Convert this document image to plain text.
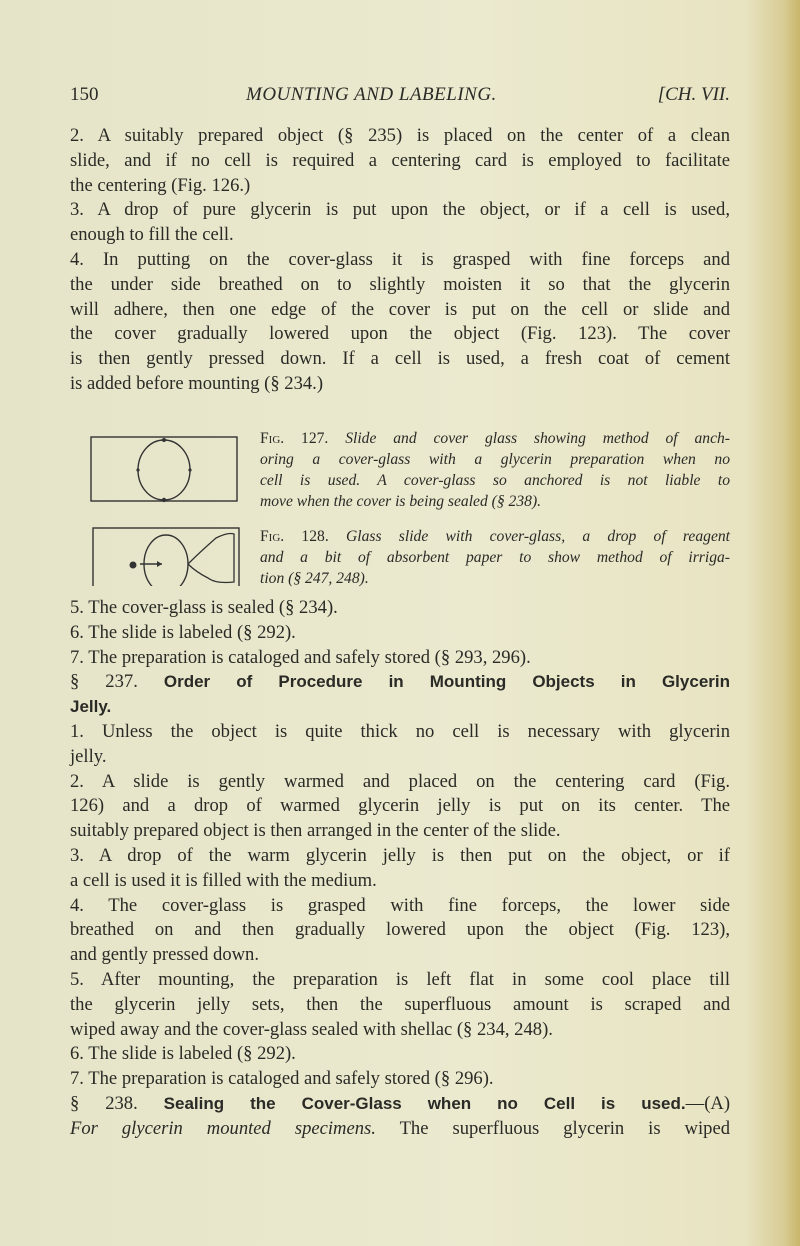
150	MOUNTING AND LABELING.	[CH. VII.
2. A suitably prepared object (§ 235) is placed on the center of a clean
slide, and if no cell is required a centering card is employed to facilitate
the centering (Fig. 126.)
3. A drop of pure glycerin is put upon the object, or if a cell is used,
enough to fill the cell.
4. In putting on the cover-glass it is grasped with fine forceps and
the under side breathed on to slightly moisten it so that the glycerin
will adhere, then one edge of the cover is put on the cell or slide and
the cover gradually lowered upon the object (Fig. 123). The cover
is then gently pressed down. If a cell is used, a fresh coat of cement
is added before mounting (§ 234.)
Fig. 127. Slide and cover glass showing method of anch-
oring a cover-glass with a glycerin preparation when no
cell is used. A cover-glass so anchored is not liable to
move when the cover is being sealed (§ 238).
Fig. 128. Glass slide with cover-glass, a drop of reagent
and a bit of absorbent paper to show method of irriga-
tion (§ 247, 248).
5. The cover-glass is sealed (§ 234).
6. The slide is labeled (§ 292).
7. The preparation is cataloged and safely stored (§ 293, 296).
§ 237. Order of Procedure in Mounting Objects in Glycerin
Jelly.
1. Unless the object is quite thick no cell is necessary with glycerin
jelly.
2. A slide is gently warmed and placed on the centering card (Fig.
126) and a drop of warmed glycerin jelly is put on its center. The
suitably prepared object is then arranged in the center of the slide.
3. A drop of the warm glycerin jelly is then put on the object, or if
a cell is used it is filled with the medium.
4. The cover-glass is grasped with fine forceps, the lower side
breathed on and then gradually lowered upon the object (Fig. 123),
and gently pressed down.
5. After mounting, the preparation is left flat in some cool place till
the glycerin jelly sets, then the superfluous amount is scraped and
wiped away and the cover-glass sealed with shellac (§ 234, 248).
6. The slide is labeled (§ 292).
7. The preparation is cataloged and safely stored (§ 296).
§ 238. Sealing the Cover-Glass when no Cell is used.—(A)
For glycerin mounted specimens. The superfluous glycerin is wiped
